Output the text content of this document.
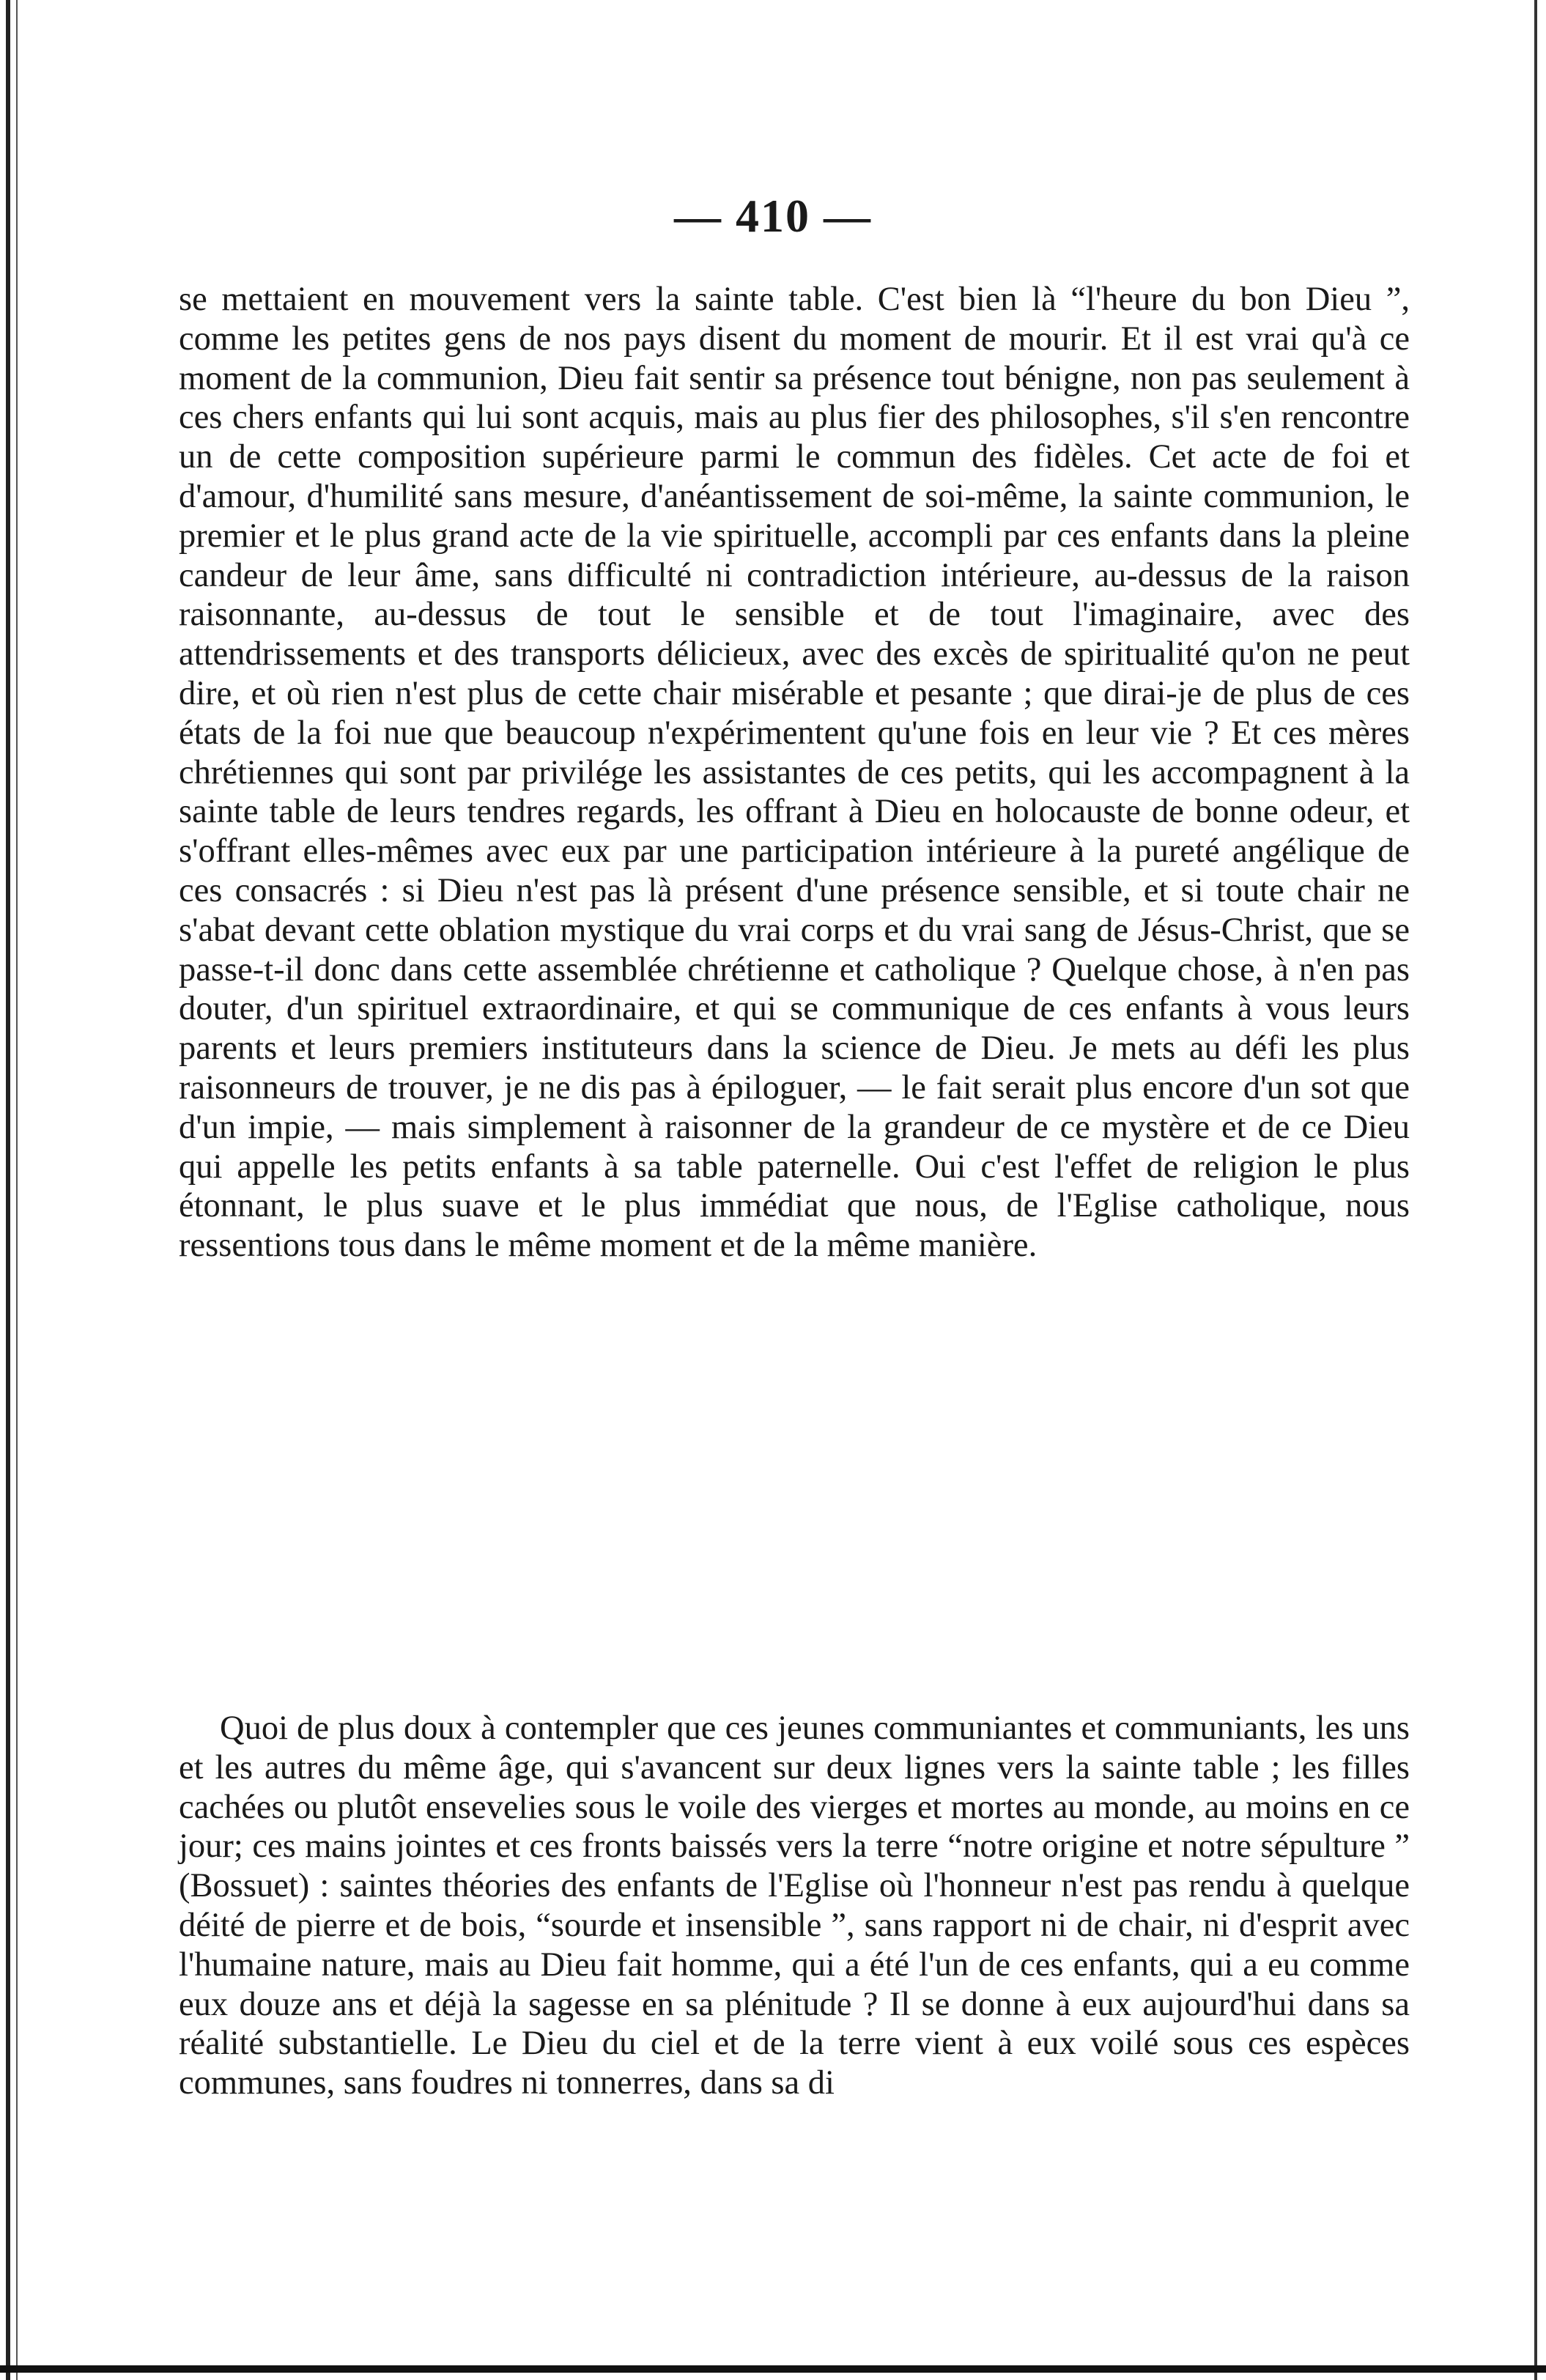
— 410 —

se mettaient en mouvement vers la sainte table. C'est bien là “l'heure du bon Dieu ”, comme les petites gens de nos pays disent du moment de mourir. Et il est vrai qu'à ce moment de la communion, Dieu fait sentir sa présence tout bénigne, non pas seulement à ces chers enfants qui lui sont acquis, mais au plus fier des philosophes, s'il s'en rencontre un de cette composition supérieure parmi le commun des fidèles. Cet acte de foi et d'amour, d'humilité sans mesure, d'anéantissement de soi-même, la sainte communion, le premier et le plus grand acte de la vie spirituelle, accompli par ces enfants dans la pleine candeur de leur âme, sans difficulté ni contradiction intérieure, au-dessus de la raison raisonnante, au-dessus de tout le sensible et de tout l'imaginaire, avec des attendrissements et des transports délicieux, avec des excès de spiritualité qu'on ne peut dire, et où rien n'est plus de cette chair misérable et pesante ; que dirai-je de plus de ces états de la foi nue que beaucoup n'expérimentent qu'une fois en leur vie ? Et ces mères chrétiennes qui sont par privilége les assistantes de ces petits, qui les accompagnent à la sainte table de leurs tendres regards, les offrant à Dieu en holocauste de bonne odeur, et s'offrant elles-mêmes avec eux par une participation intérieure à la pureté angélique de ces consacrés : si Dieu n'est pas là présent d'une présence sensible, et si toute chair ne s'abat devant cette oblation mystique du vrai corps et du vrai sang de Jésus-Christ, que se passe-t-il donc dans cette assemblée chrétienne et catholique ? Quelque chose, à n'en pas douter, d'un spirituel extraordinaire, et qui se communique de ces enfants à vous leurs parents et leurs premiers instituteurs dans la science de Dieu. Je mets au défi les plus raisonneurs de trouver, je ne dis pas à épiloguer, — le fait serait plus encore d'un sot que d'un impie, — mais simplement à raisonner de la grandeur de ce mystère et de ce Dieu qui appelle les petits enfants à sa table paternelle. Oui c'est l'effet de religion le plus étonnant, le plus suave et le plus immédiat que nous, de l'Eglise catholique, nous ressentions tous dans le même moment et de la même manière.

Quoi de plus doux à contempler que ces jeunes communiantes et communiants, les uns et les autres du même âge, qui s'avancent sur deux lignes vers la sainte table ; les filles cachées ou plutôt ensevelies sous le voile des vierges et mortes au monde, au moins en ce jour; ces mains jointes et ces fronts baissés vers la terre “notre origine et notre sépulture ” (Bossuet) : saintes théories des enfants de l'Eglise où l'honneur n'est pas rendu à quelque déité de pierre et de bois, “sourde et insensible ”, sans rapport ni de chair, ni d'esprit avec l'humaine nature, mais au Dieu fait homme, qui a été l'un de ces enfants, qui a eu comme eux douze ans et déjà la sagesse en sa plénitude ? Il se donne à eux aujourd'hui dans sa réalité substantielle. Le Dieu du ciel et de la terre vient à eux voilé sous ces espèces communes, sans foudres ni tonnerres, dans sa di
